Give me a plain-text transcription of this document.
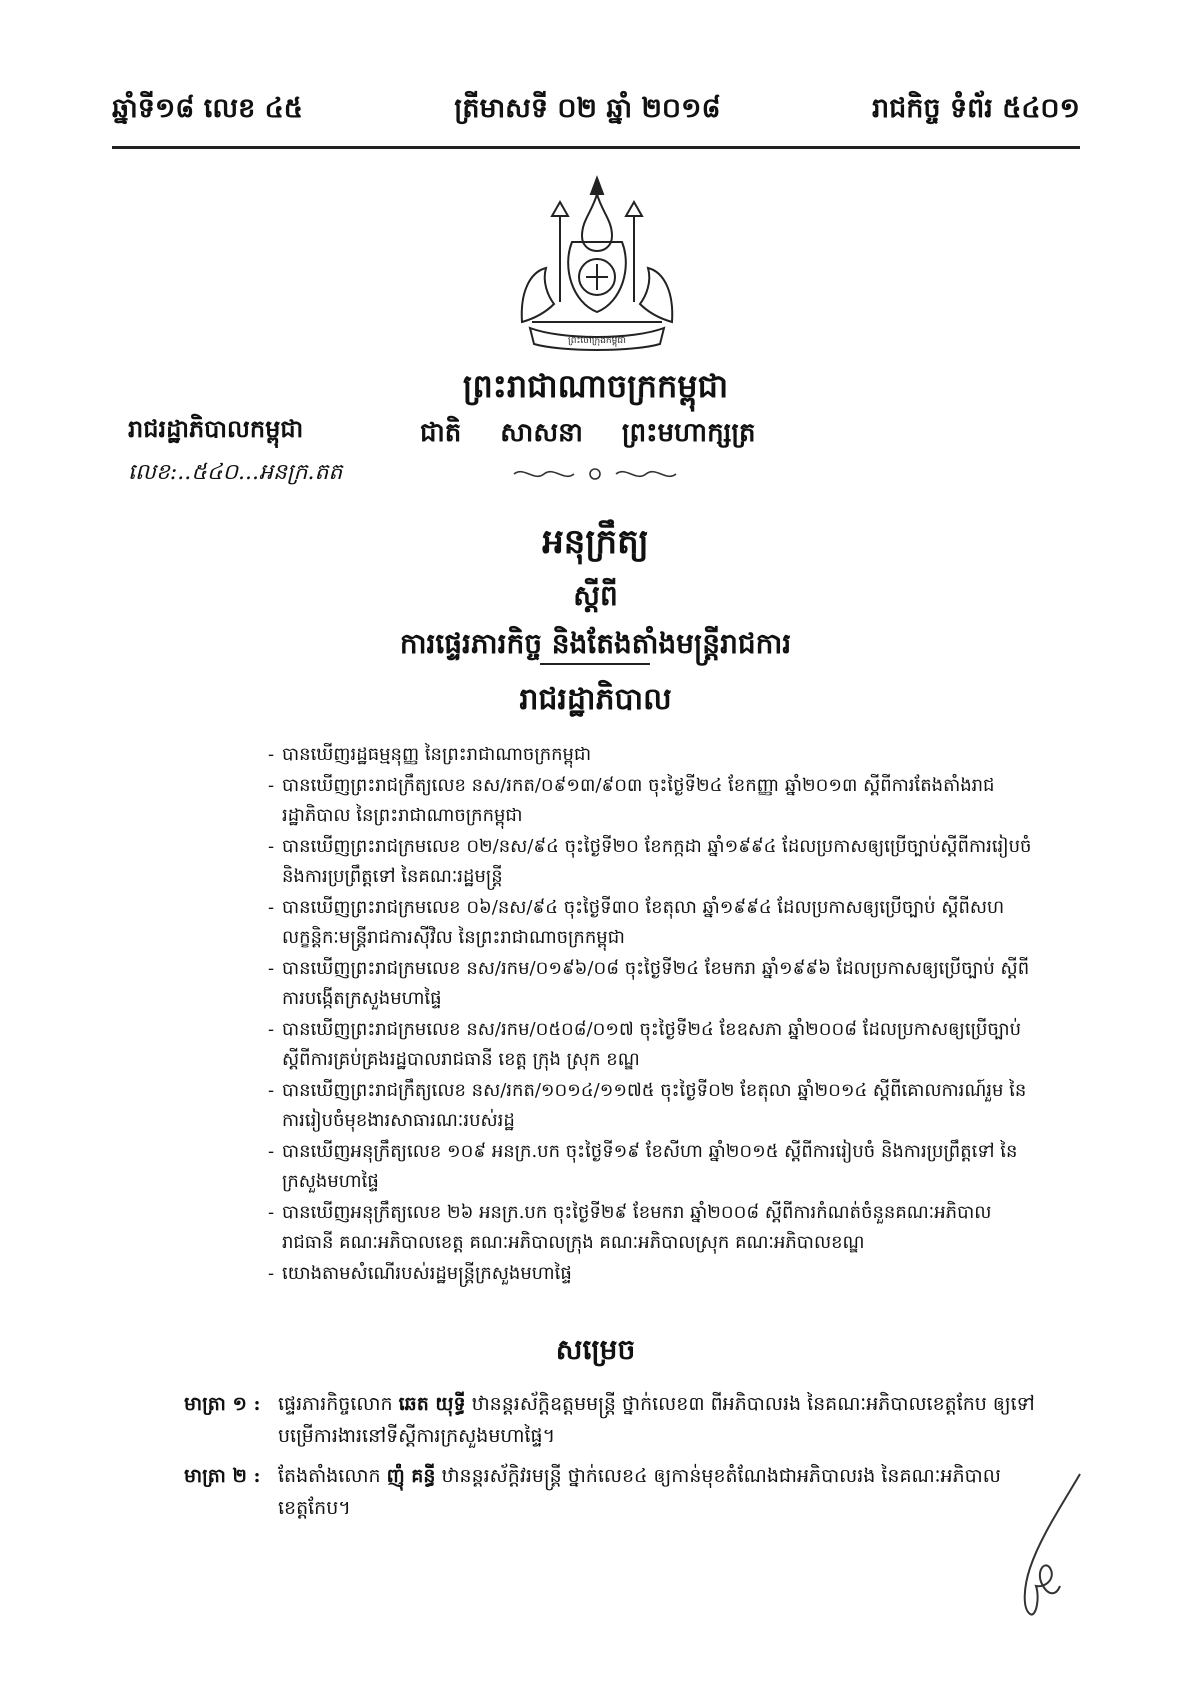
ឆ្នាំទី១៨ លេខ ៤៥	ត្រីមាសទី ០២ ឆ្នាំ ២០១៨	រាជកិច្ច ទំព័រ ៥៤០១
ព្រះចៅក្រុងកម្ពុជា
ព្រះរាជាណាចក្រកម្ពុជា
រាជរដ្ឋាភិបាលកម្ពុជា	ជាតិ សាសនា ព្រះមហាក្សត្រ
លេខ:..៥៤០...អនក្រ.តត
អនុក្រឹត្យ
ស្ដីពី
ការផ្ទេរភារកិច្ច និងតែងតាំងមន្ត្រីរាជការ
រាជរដ្ឋាភិបាល
- បានឃើញរដ្ឋធម្មនុញ្ញ នៃព្រះរាជាណាចក្រកម្ពុជា
- បានឃើញព្រះរាជក្រឹត្យលេខ នស/រកត/០៩១៣/៩០៣ ចុះថ្ងៃទី២៤ ខែកញ្ញា ឆ្នាំ២០១៣ ស្ដីពីការតែងតាំងរាជរដ្ឋាភិបាល នៃព្រះរាជាណាចក្រកម្ពុជា
- បានឃើញព្រះរាជក្រមលេខ ០២/នស/៩៤ ចុះថ្ងៃទី២០ ខែកក្កដា ឆ្នាំ១៩៩៤ ដែលប្រកាសឲ្យប្រើច្បាប់ស្ដីពីការរៀបចំ និងការប្រព្រឹត្តទៅ នៃគណៈរដ្ឋមន្ត្រី
- បានឃើញព្រះរាជក្រមលេខ ០៦/នស/៩៤ ចុះថ្ងៃទី៣០ ខែតុលា ឆ្នាំ១៩៩៤ ដែលប្រកាសឲ្យប្រើច្បាប់ ស្ដីពីសហលក្ខន្តិកៈមន្ត្រីរាជការស៊ីវិល នៃព្រះរាជាណាចក្រកម្ពុជា
- បានឃើញព្រះរាជក្រមលេខ នស/រកម/០១៩៦/០៨ ចុះថ្ងៃទី២៤ ខែមករា ឆ្នាំ១៩៩៦ ដែលប្រកាសឲ្យប្រើច្បាប់ ស្ដីពីការបង្កើតក្រសួងមហាផ្ទៃ
- បានឃើញព្រះរាជក្រមលេខ នស/រកម/០៥០៨/០១៧ ចុះថ្ងៃទី២៤ ខែឧសភា ឆ្នាំ២០០៨ ដែលប្រកាសឲ្យប្រើច្បាប់ ស្ដីពីការគ្រប់គ្រងរដ្ឋបាលរាជធានី ខេត្ត ក្រុង ស្រុក ខណ្ឌ
- បានឃើញព្រះរាជក្រឹត្យលេខ នស/រកត/១០១៤/១១៧៥ ចុះថ្ងៃទី០២ ខែតុលា ឆ្នាំ២០១៤ ស្ដីពីគោលការណ៍រួម នៃការរៀបចំមុខងារសាធារណៈរបស់រដ្ឋ
- បានឃើញអនុក្រឹត្យលេខ ១០៩ អនក្រ.បក ចុះថ្ងៃទី១៩ ខែសីហា ឆ្នាំ២០១៥ ស្ដីពីការរៀបចំ និងការប្រព្រឹត្តទៅ នៃក្រសួងមហាផ្ទៃ
- បានឃើញអនុក្រឹត្យលេខ ២៦ អនក្រ.បក ចុះថ្ងៃទី២៩ ខែមករា ឆ្នាំ២០០៨ ស្ដីពីការកំណត់ចំនួនគណៈអភិបាលរាជធានី គណៈអភិបាលខេត្ត គណៈអភិបាលក្រុង គណៈអភិបាលស្រុក គណៈអភិបាលខណ្ឌ
- យោងតាមសំណើរបស់រដ្ឋមន្ត្រីក្រសួងមហាផ្ទៃ
សម្រេច
មាត្រា ១ : ផ្ទេរភារកិច្ចលោក ឆេត យុទ្ធី ឋានន្តរស័ក្តិឧត្តមមន្ត្រី ថ្នាក់លេខ៣ ពីអភិបាលរង នៃគណៈអភិបាលខេត្តកែប ឲ្យទៅបម្រើការងារនៅទីស្ដីការក្រសួងមហាផ្ទៃ។
មាត្រា ២ : តែងតាំងលោក ញ៉ុំ គន្ធី ឋានន្តរស័ក្តិវរមន្ត្រី ថ្នាក់លេខ៤ ឲ្យកាន់មុខតំណែងជាអភិបាលរង នៃគណៈអភិបាលខេត្តកែប។
